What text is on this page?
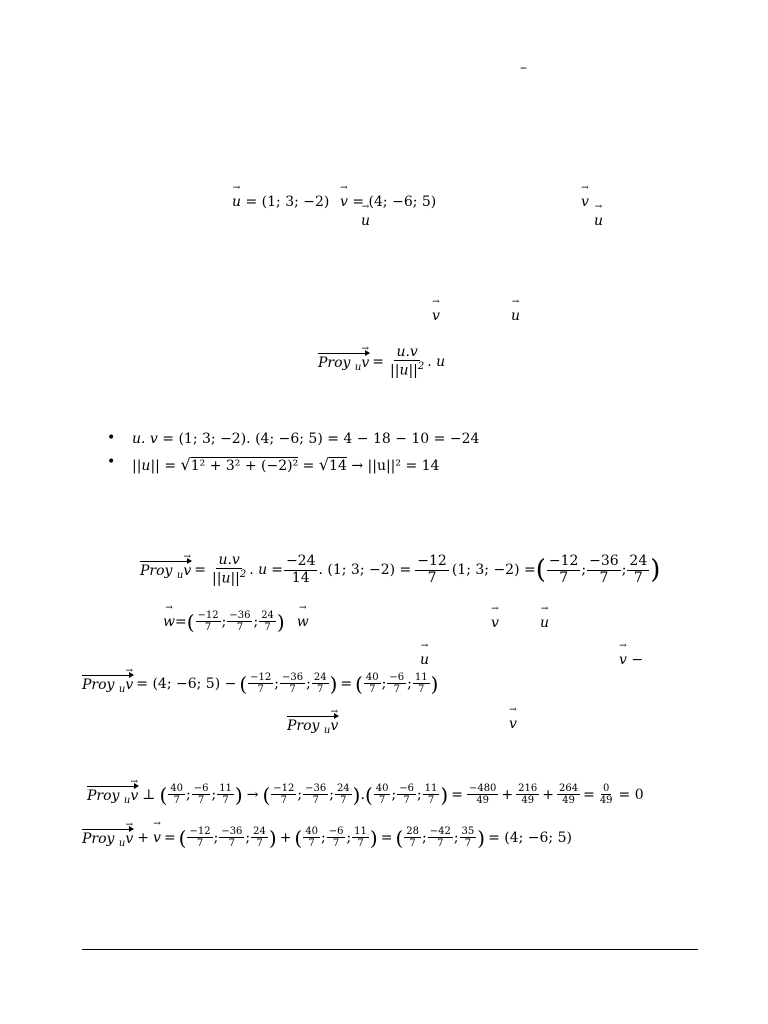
–
→ u = (1; 3; −2) → v = (4; −6; 5)	→ v
→ u	→ u
→ v	→ u
Proy $_u\to v = \frac{u.v}{||u||^2}$ . u
• u. v = (1; 3; −2). (4; −6; 5) = 4 − 18 − 10 = −24
• ||u|| = √1² + 3² + (−2)² = √14 → ||u||² = 14
Proy $_u\to v = \frac{u.v}{||u||^2}$ . $u = \frac{-24}{14}$ . (1; 3; $-2) = \frac{-12}{7} (1$; 3; −2) = ( $\frac{-12}{7}$ ; $\frac{-36}{7}$ ; $\frac{24}{7}$ )
→ w = ( $\frac{-12}{7}$ ; $\frac{-36}{7}$ ; $\frac{24}{7}$ ) → w	→ v	→ u
→ u	→ v −
Proy $_u$→ v = (4; −6; 5) − ( $\frac{-12}{7}$ ; $\frac{-36}{7}$ ; $\frac{24}{7}$ ) = ( $\frac{40}{7}$ ; $\frac{-6}{7}$ ; $\frac{11}{7}$ )
Proy $_u$→ v	→ v
Proy $_u$→ v ⊥ ( $\frac{40}{7}$ ; $\frac{-6}{7}$ ; $\frac{11}{7}$ ) → ( $\frac{-12}{7}$ ; $\frac{-36}{7}$ ; $\frac{24}{7}$ ) . ( $\frac{40}{7}$ ; $\frac{-6}{7}$ ; $\frac{11}{7}$ ) = $\frac{-480}{49} + \frac{216}{49} + \frac{264}{49} = \frac{0}{49} = 0$
Proy $_u$→ v + → v = ( $\frac{-12}{7}$ ; $\frac{-36}{7}$ ; $\frac{24}{7}$ ) + ( $\frac{40}{7}$ ; $\frac{-6}{7}$ ; $\frac{11}{7}$ ) = ( $\frac{28}{7}$ ; $\frac{-42}{7}$ ; $\frac{35}{7}$ ) = (4; −6; 5)
